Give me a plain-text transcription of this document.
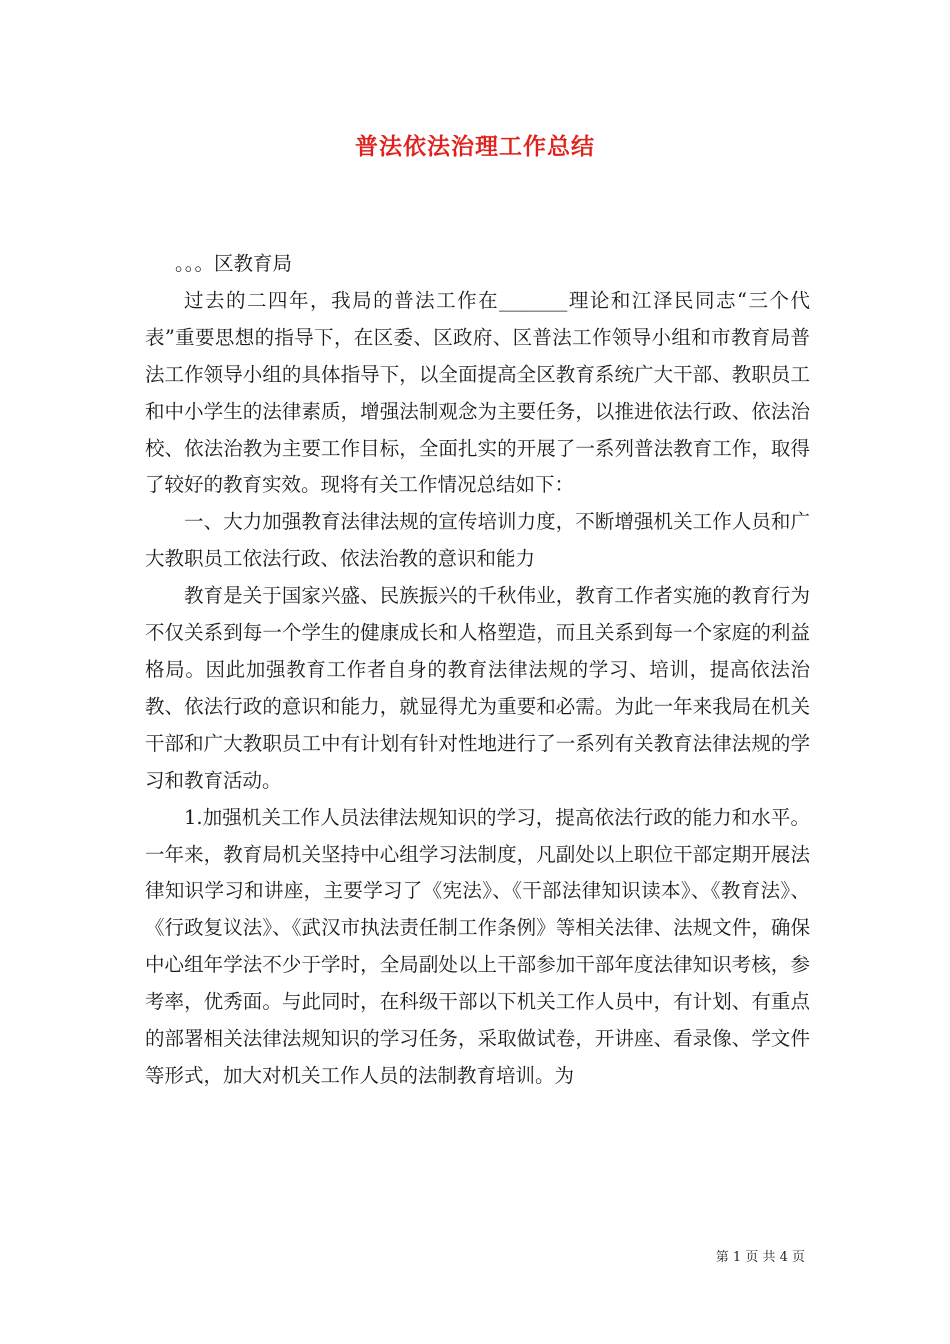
普法依法治理工作总结

。。。区教育局

过去的二四年，我局的普法工作在_______理论和江泽民同志“三个代表”重要思想的指导下，在区委、区政府、区普法工作领导小组和市教育局普法工作领导小组的具体指导下，以全面提高全区教育系统广大干部、教职员工和中小学生的法律素质，增强法制观念为主要任务，以推进依法行政、依法治校、依法治教为主要工作目标，全面扎实的开展了一系列普法教育工作，取得了较好的教育实效。现将有关工作情况总结如下：

一、大力加强教育法律法规的宣传培训力度，不断增强机关工作人员和广大教职员工依法行政、依法治教的意识和能力

教育是关于国家兴盛、民族振兴的千秋伟业，教育工作者实施的教育行为不仅关系到每一个学生的健康成长和人格塑造，而且关系到每一个家庭的利益格局。因此加强教育工作者自身的教育法律法规的学习、培训，提高依法治教、依法行政的意识和能力，就显得尤为重要和必需。为此一年来我局在机关干部和广大教职员工中有计划有针对性地进行了一系列有关教育法律法规的学习和教育活动。

1.加强机关工作人员法律法规知识的学习，提高依法行政的能力和水平。一年来，教育局机关坚持中心组学习法制度，凡副处以上职位干部定期开展法律知识学习和讲座，主要学习了《宪法》、《干部法律知识读本》、《教育法》、《行政复议法》、《武汉市执法责任制工作条例》等相关法律、法规文件，确保中心组年学法不少于学时，全局副处以上干部参加干部年度法律知识考核，参考率，优秀面。与此同时，在科级干部以下机关工作人员中，有计划、有重点的部署相关法律法规知识的学习任务，采取做试卷，开讲座、看录像、学文件等形式，加大对机关工作人员的法制教育培训。为

第 1 页 共 4 页
